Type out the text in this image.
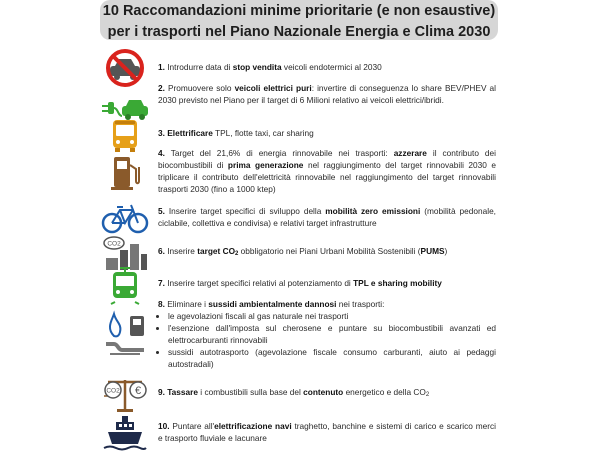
10 Raccomandazioni minime prioritarie (e non esaustive)
per i trasporti nel Piano Nazionale Energia e Clima 2030
1. Introdurre data di stop vendita veicoli endotermici al 2030
2. Promuovere solo veicoli elettrici puri: invertire di conseguenza lo share BEV/PHEV al 2030 previsto nel Piano per il target di 6 Milioni relativo ai veicoli elettrici/ibridi.
3. Elettrificare TPL, flotte taxi, car sharing
4. Target del 21,6% di energia rinnovabile nei trasporti: azzerare il contributo dei biocombustibili di prima generazione nel raggiungimento del target rinnovabili 2030 e triplicare il contributo dell'elettricità rinnovabile nel raggiungimento del target rinnovabili trasporti 2030 (fino a 1000 ktep)
5. Inserire target specifici di sviluppo della mobilità zero emissioni (mobilità pedonale, ciclabile, collettiva e condivisa) e relativi target infrastrutture
CO2
6. Inserire target CO2 obbligatorio nei Piani Urbani Mobilità Sostenibili (PUMS)
7. Inserire target specifici relativi al potenziamento di TPL e sharing mobility
8. Eliminare i sussidi ambientalmente dannosi nei trasporti:
• le agevolazioni fiscali al gas naturale nei trasporti
• l'esenzione dall'imposta sul cherosene e puntare su biocombustibili avanzati ed elettrocarburanti rinnovabili
• sussidi autotrasporto (agevolazione fiscale consumo carburanti, aiuto ai pedaggi autostradali)
CO2 € 9. Tassare i combustibili sulla base del contenuto energetico e della CO2
10. Puntare all'elettrificazione navi traghetto, banchine e sistemi di carico e scarico merci e trasporto fluviale e lacunare
